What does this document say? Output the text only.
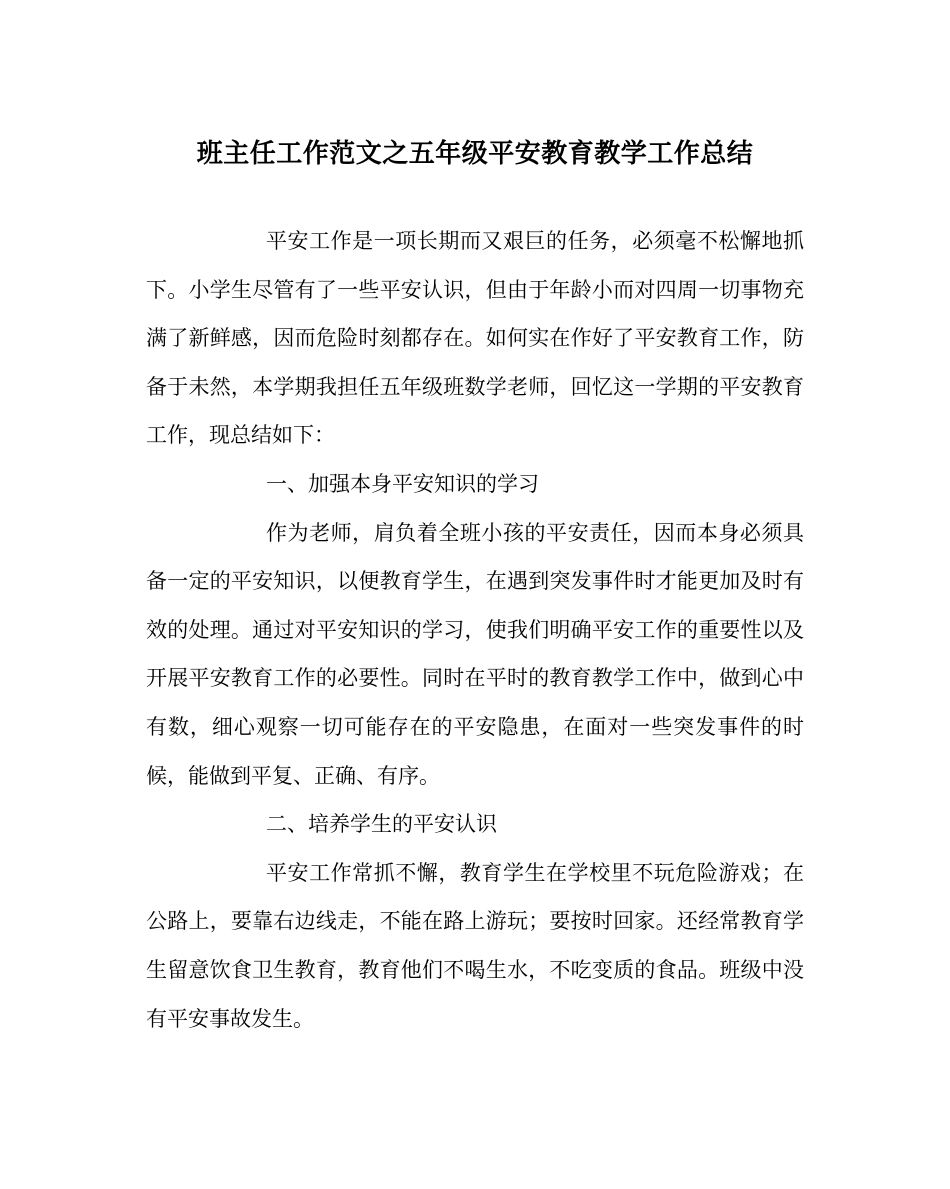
班主任工作范文之五年级平安教育教学工作总结

平安工作是一项长期而又艰巨的任务，必须毫不松懈地抓下。小学生尽管有了一些平安认识，但由于年龄小而对四周一切事物充满了新鲜感，因而危险时刻都存在。如何实在作好了平安教育工作，防备于未然，本学期我担任五年级班数学老师，回忆这一学期的平安教育工作，现总结如下：

一、加强本身平安知识的学习

作为老师，肩负着全班小孩的平安责任，因而本身必须具备一定的平安知识，以便教育学生，在遇到突发事件时才能更加及时有效的处理。通过对平安知识的学习，使我们明确平安工作的重要性以及开展平安教育工作的必要性。同时在平时的教育教学工作中，做到心中有数，细心观察一切可能存在的平安隐患，在面对一些突发事件的时候，能做到平复、正确、有序。

二、培养学生的平安认识

平安工作常抓不懈，教育学生在学校里不玩危险游戏；在公路上，要靠右边线走，不能在路上游玩；要按时回家。还经常教育学生留意饮食卫生教育，教育他们不喝生水，不吃变质的食品。班级中没有平安事故发生。
